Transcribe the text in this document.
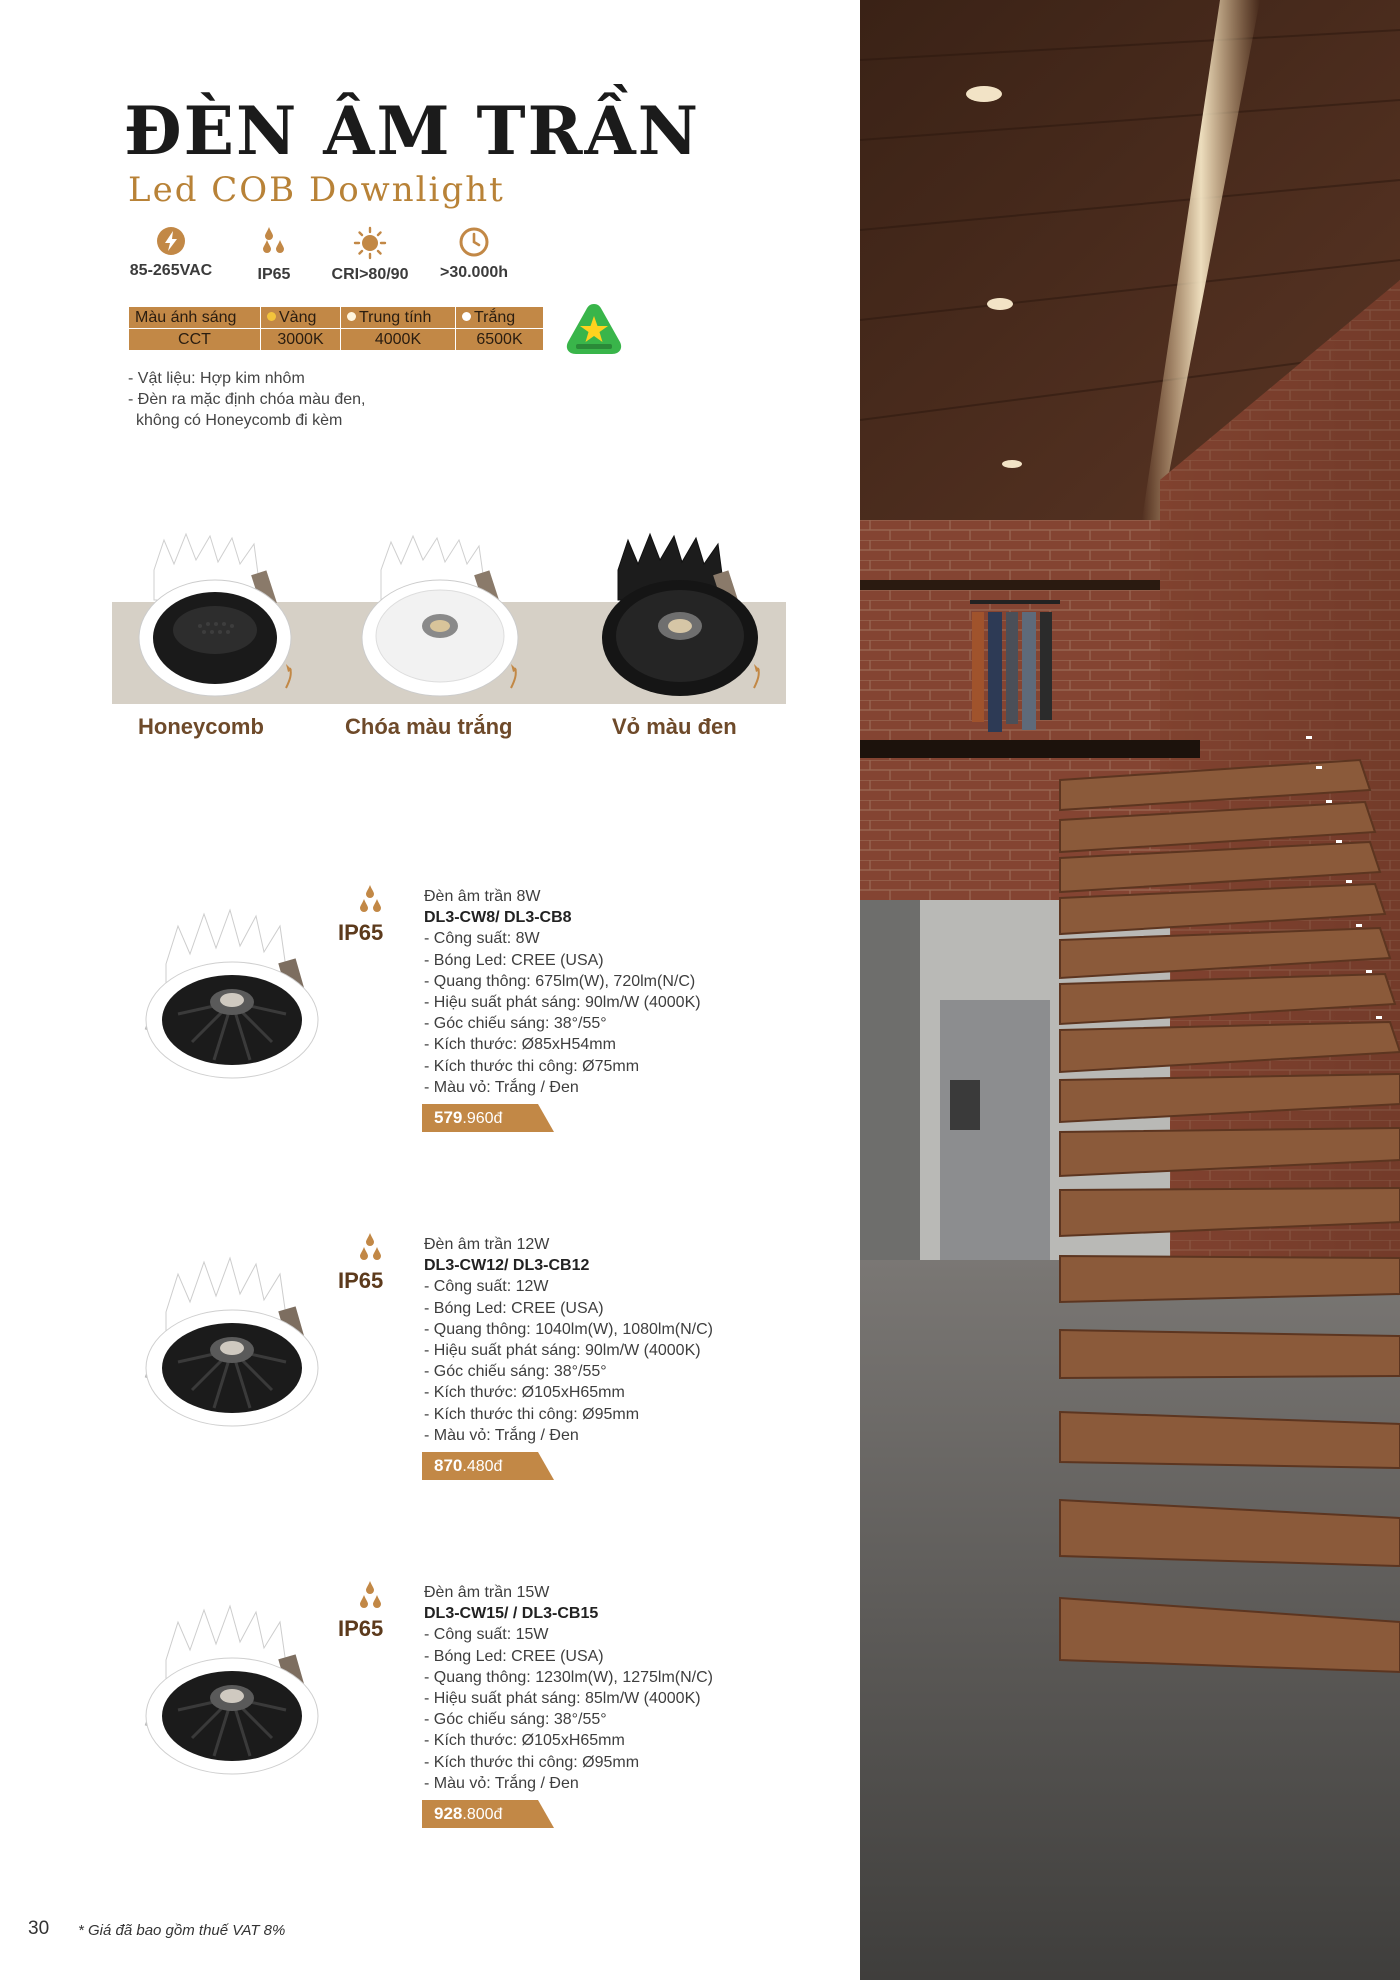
ĐÈN ÂM TRẦN
Led COB Downlight
85-265VAC	IP65	CRI>80/90	>30.000h
Màu ánh sáng	Vàng	Trung tính	Trắng
CCT	3000K	4000K	6500K
- Vật liệu: Hợp kim nhôm
- Đèn ra mặc định chóa màu đen,
không có Honeycomb đi kèm
Honeycomb	Chóa màu trắng	Vỏ màu đen
IP65
Đèn âm trần 8W
DL3-CW8/ DL3-CB8
- Công suất: 8W
- Bóng Led: CREE (USA)
- Quang thông: 675lm(W), 720lm(N/C)
- Hiệu suất phát sáng: 90lm/W (4000K)
- Góc chiếu sáng: 38°/55°
- Kích thước: Ø85xH54mm
- Kích thước thi công: Ø75mm
- Màu vỏ: Trắng / Đen
579.960đ
IP65
Đèn âm trần 12W
DL3-CW12/ DL3-CB12
- Công suất: 12W
- Bóng Led: CREE (USA)
- Quang thông: 1040lm(W), 1080lm(N/C)
- Hiệu suất phát sáng: 90lm/W (4000K)
- Góc chiếu sáng: 38°/55°
- Kích thước: Ø105xH65mm
- Kích thước thi công: Ø95mm
- Màu vỏ: Trắng / Đen
870.480đ
IP65
Đèn âm trần 15W
DL3-CW15/ / DL3-CB15
- Công suất: 15W
- Bóng Led: CREE (USA)
- Quang thông: 1230lm(W), 1275lm(N/C)
- Hiệu suất phát sáng: 85lm/W (4000K)
- Góc chiếu sáng: 38°/55°
- Kích thước: Ø105xH65mm
- Kích thước thi công: Ø95mm
- Màu vỏ: Trắng / Đen
928.800đ
30 * Giá đã bao gồm thuế VAT 8%
